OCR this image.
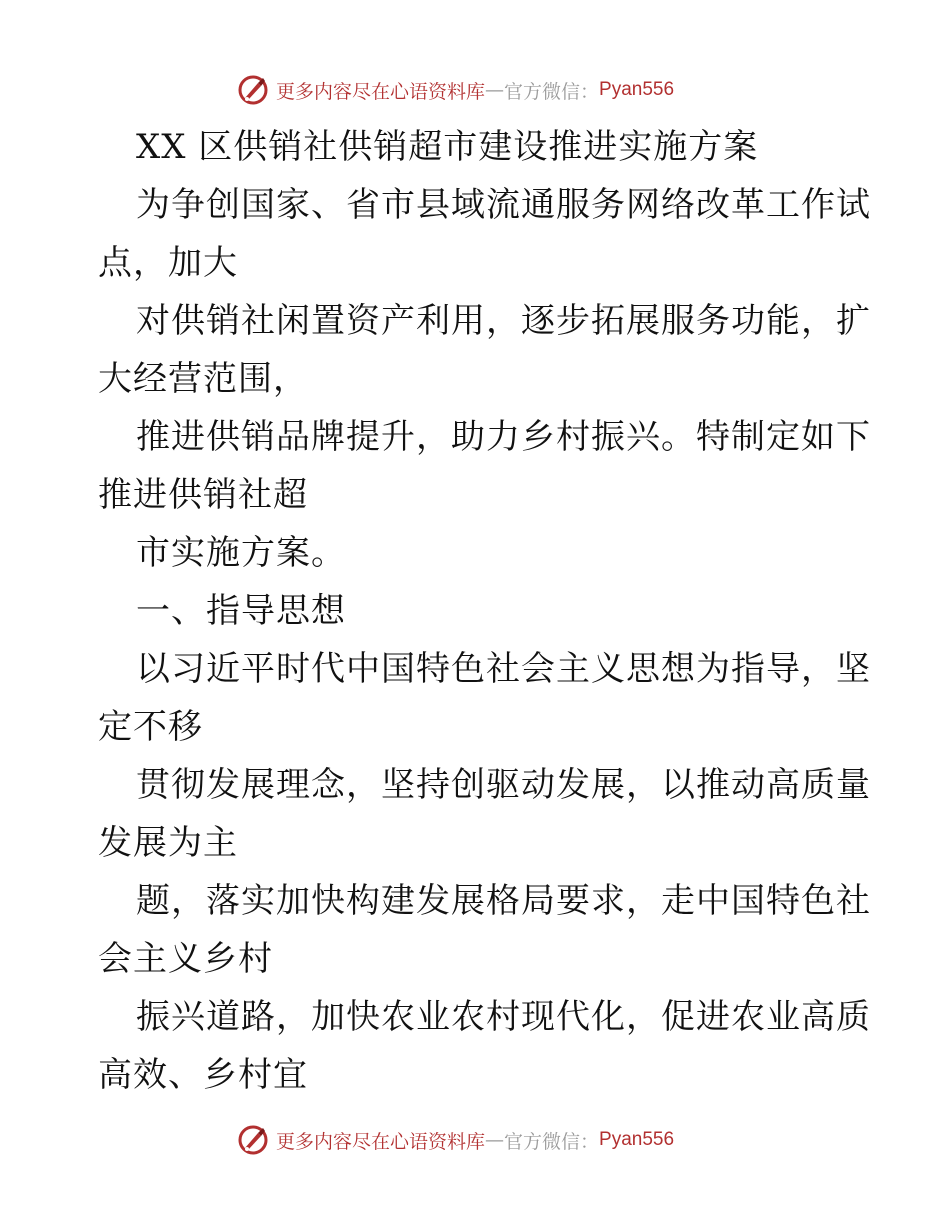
更多内容尽在心语资料库 — 官方微信： Pyan556
XX 区供销社供销超市建设推进实施方案
为争创国家、省市县域流通服务网络改革工作试
点，加大
对供销社闲置资产利用，逐步拓展服务功能，扩
大经营范围，
推进供销品牌提升，助力乡村振兴。特制定如下
推进供销社超
市实施方案。
一、指导思想
以习近平时代中国特色社会主义思想为指导，坚
定不移
贯彻发展理念，坚持创驱动发展，以推动高质量
发展为主
题，落实加快构建发展格局要求，走中国特色社
会主义乡村
振兴道路，加快农业农村现代化，促进农业高质
高效、乡村宜
更多内容尽在心语资料库 — 官方微信： Pyan556
